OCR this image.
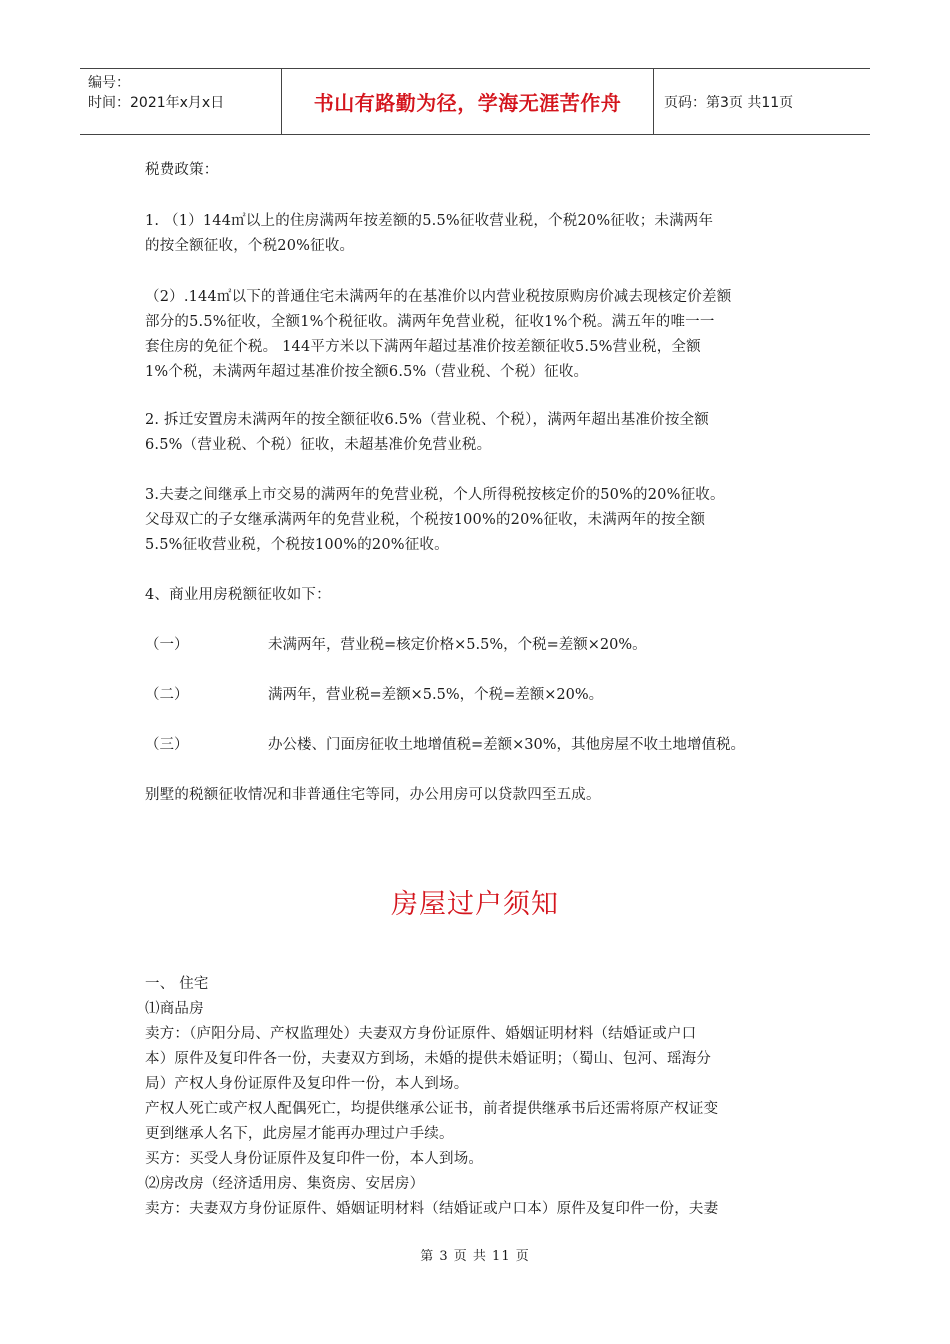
编号：
时间：2021年x月x日	书山有路勤为径，学海无涯苦作舟	页码：第3页 共11页
税费政策：

1. （1）144㎡以上的住房满两年按差额的5.5%征收营业税，个税20%征收；未满两年

的按全额征收，个税20%征收。

（2）.144㎡以下的普通住宅未满两年的在基准价以内营业税按原购房价减去现核定价差额

部分的5.5%征收，全额1%个税征收。满两年免营业税，征收1%个税。满五年的唯一一

套住房的免征个税。 144平方米以下满两年超过基准价按差额征收5.5%营业税，全额

1%个税，未满两年超过基准价按全额6.5%（营业税、个税）征收。

2. 拆迁安置房未满两年的按全额征收6.5%（营业税、个税），满两年超出基准价按全额

6.5%（营业税、个税）征收，未超基准价免营业税。

3.夫妻之间继承上市交易的满两年的免营业税，个人所得税按核定价的50%的20%征收。

父母双亡的子女继承满两年的免营业税，个税按100%的20%征收，未满两年的按全额

5.5%征收营业税，个税按100%的20%征收。

4、商业用房税额征收如下：
（一）	未满两年，营业税=核定价格×5.5%，个税=差额×20%。
（二）	满两年，营业税=差额×5.5%，个税=差额×20%。
（三）	办公楼、门面房征收土地增值税=差额×30%，其他房屋不收土地增值税。
别墅的税额征收情况和非普通住宅等同，办公用房可以贷款四至五成。
房屋过户须知

一、 住宅

⑴商品房

卖方：（庐阳分局、产权监理处）夫妻双方身份证原件、婚姻证明材料（结婚证或户口

本）原件及复印件各一份，夫妻双方到场，未婚的提供未婚证明；（蜀山、包河、瑶海分

局）产权人身份证原件及复印件一份，本人到场。

产权人死亡或产权人配偶死亡，均提供继承公证书，前者提供继承书后还需将原产权证变

更到继承人名下，此房屋才能再办理过户手续。

买方：买受人身份证原件及复印件一份，本人到场。

⑵房改房（经济适用房、集资房、安居房）

卖方：夫妻双方身份证原件、婚姻证明材料（结婚证或户口本）原件及复印件一份，夫妻

第 3 页 共 11 页
